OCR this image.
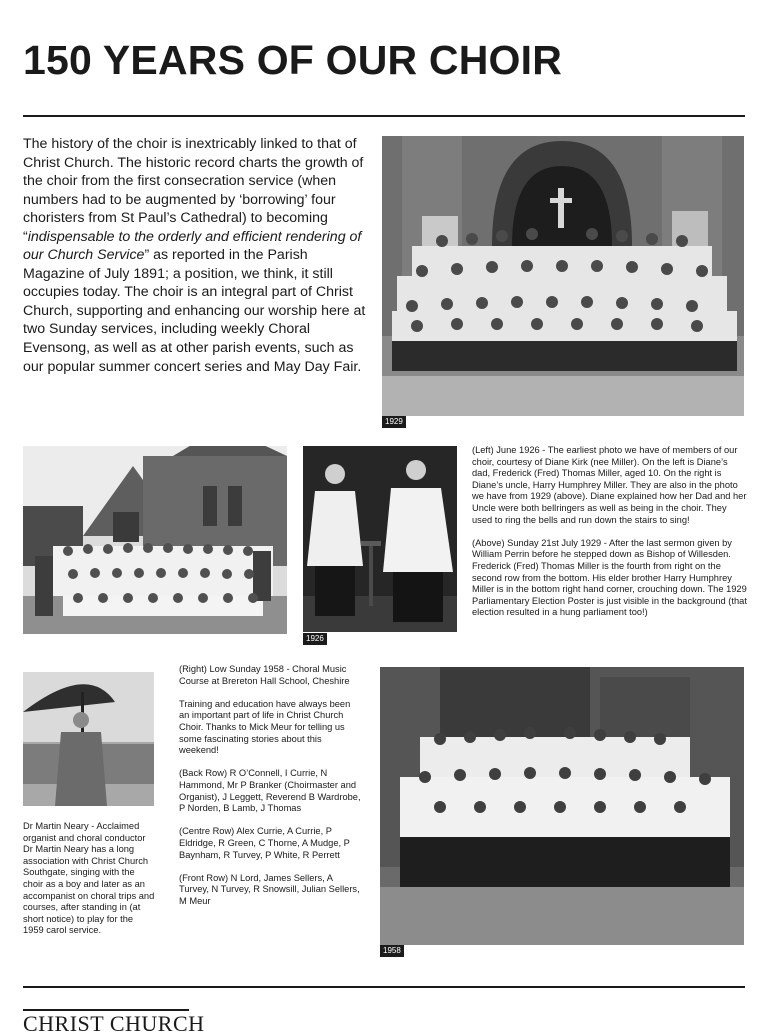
150 YEARS OF OUR CHOIR

The history of the choir is inextricably linked to that of Christ Church. The historic record charts the growth of the choir from the first consecration service (when numbers had to be augmented by ‘borrowing’ four choristers from St Paul’s Cathedral) to becoming “indispensable to the orderly and efficient rendering of our Church Service” as reported in the Parish Magazine of July 1891; a position, we think, it still occupies today. The choir is an integral part of Christ Church, supporting and enhancing our worship here at two Sunday services, including weekly Choral Evensong, as well as at other parish events, such as our popular summer concert series and May Day Fair.

1929
1926

(Left) June 1926 - The earliest photo we have of members of our choir, courtesy of Diane Kirk (nee Miller). On the left is Diane’s dad, Frederick (Fred) Thomas Miller, aged 10. On the right is Diane’s uncle, Harry Humphrey Miller. They are also in the photo we have from 1929 (above). Diane explained how her Dad and her Uncle were both bellringers as well as being in the choir. They used to ring the bells and run down the stairs to sing!

(Above) Sunday 21st July 1929 - After the last sermon given by William Perrin before he stepped down as Bishop of Willesden. Frederick (Fred) Thomas Miller is the fourth from right on the second row from the bottom. His elder brother Harry Humphrey Miller is in the bottom right hand corner, crouching down. The 1929 Parliamentary Election Poster is just visible in the background (that election resulted in a hung parliament too!)

Dr Martin Neary - Acclaimed organist and choral conductor Dr Martin Neary has a long association with Christ Church Southgate, singing with the choir as a boy and later as an accompanist on choral trips and courses, after standing in (at short notice) to play for the 1959 carol service.

(Right) Low Sunday 1958 - Choral Music Course at Brereton Hall School, Cheshire

Training and education have always been an important part of life in Christ Church Choir. Thanks to Mick Meur for telling us some fascinating stories about this weekend!

(Back Row) R O’Connell, I Currie, N Hammond, Mr P Branker (Choirmaster and Organist), J Leggett, Reverend B Wardrobe, P Norden, B Lamb, J Thomas

(Centre Row) Alex Currie, A Currie, P Eldridge, R Green, C Thorne, A Mudge, P Baynham, R Turvey, P White, R Perrett

(Front Row) N Lord, James Sellers, A Turvey, N Turvey, R Snowsill, Julian Sellers, M Meur

1958
CHRIST CHURCH
